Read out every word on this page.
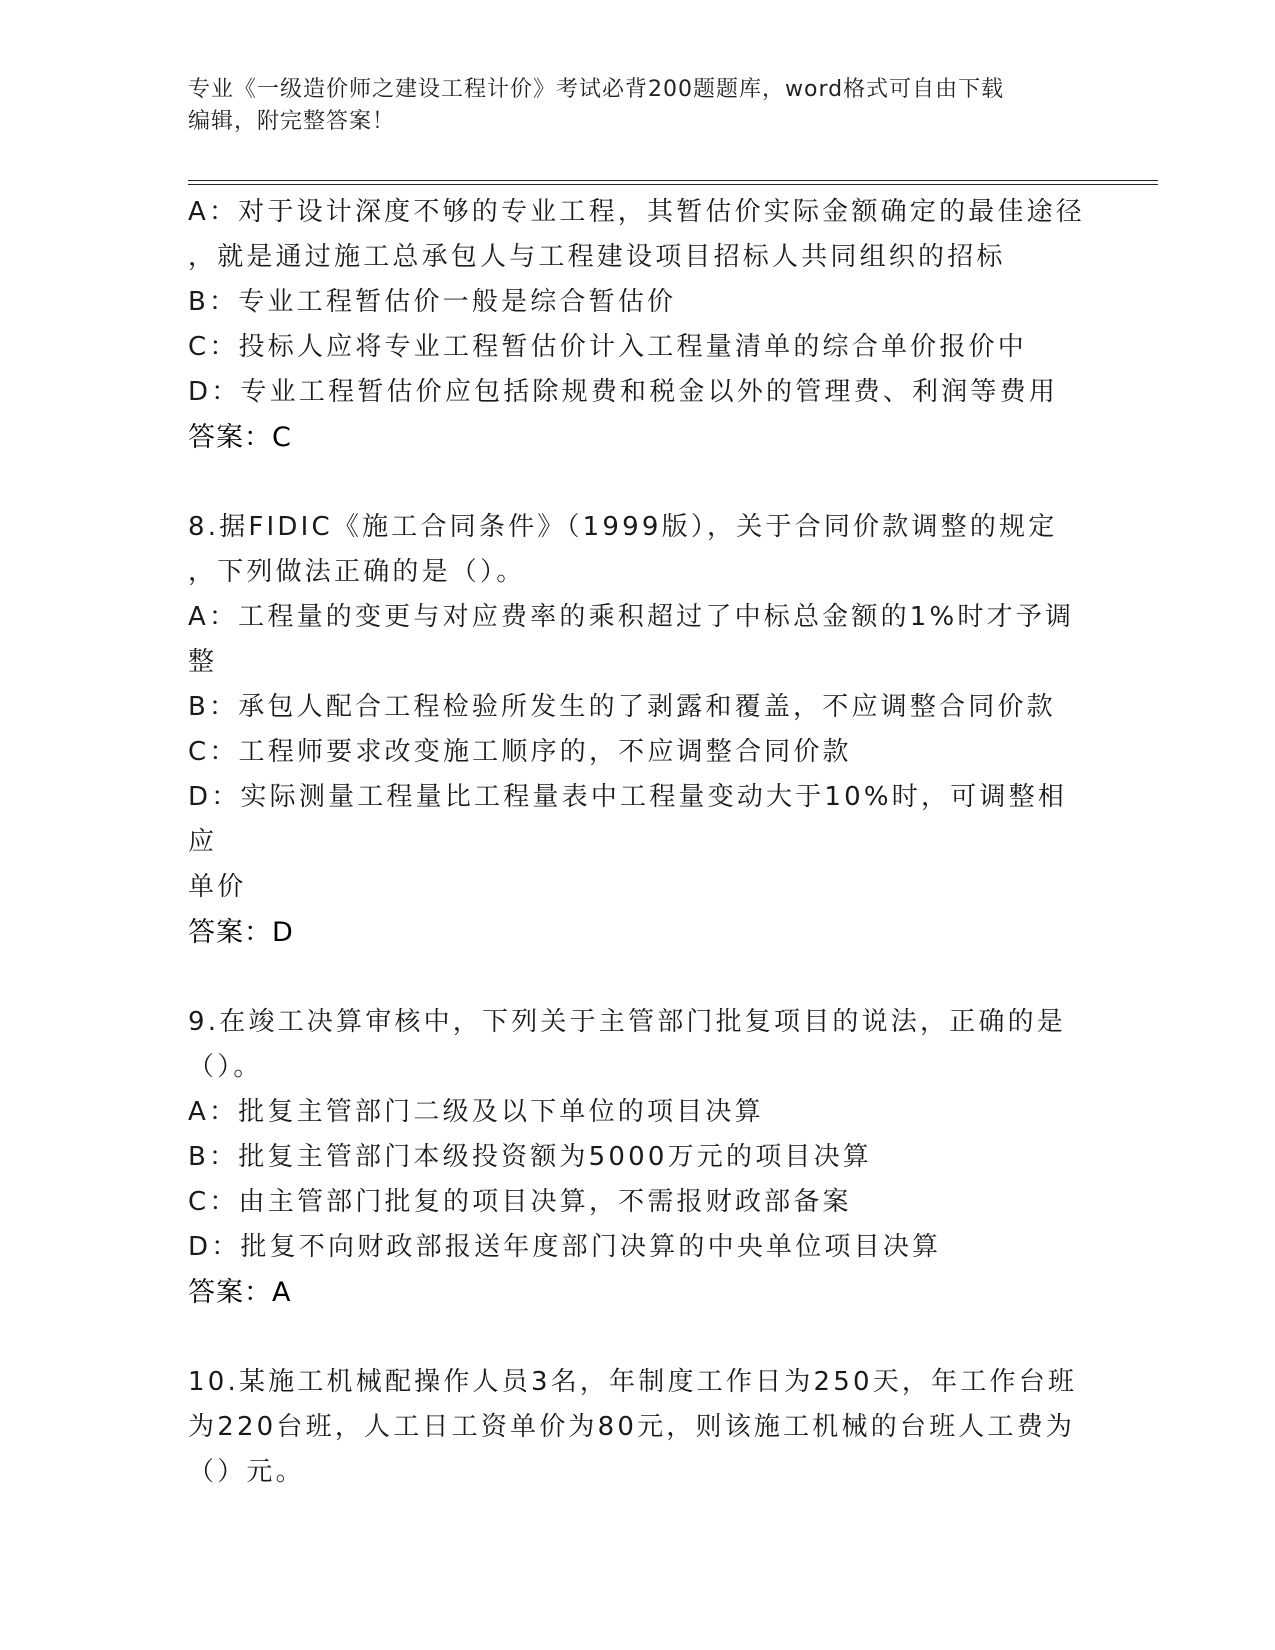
专业《一级造价师之建设工程计价》考试必背200题题库，word格式可自由下载
编辑，附完整答案！
A：对于设计深度不够的专业工程，其暂估价实际金额确定的最佳途径
，就是通过施工总承包人与工程建设项目招标人共同组织的招标
B：专业工程暂估价一般是综合暂估价
C：投标人应将专业工程暂估价计入工程量清单的综合单价报价中
D：专业工程暂估价应包括除规费和税金以外的管理费、利润等费用
答案：C
8.据FIDIC《施工合同条件》（1999版），关于合同价款调整的规定
，下列做法正确的是（）。
A：工程量的变更与对应费率的乘积超过了中标总金额的1%时才予调
整
B：承包人配合工程检验所发生的了剥露和覆盖，不应调整合同价款
C：工程师要求改变施工顺序的，不应调整合同价款
D：实际测量工程量比工程量表中工程量变动大于10%时，可调整相应
单价
答案：D
9.在竣工决算审核中，下列关于主管部门批复项目的说法，正确的是
（）。
A：批复主管部门二级及以下单位的项目决算
B：批复主管部门本级投资额为5000万元的项目决算
C：由主管部门批复的项目决算，不需报财政部备案
D：批复不向财政部报送年度部门决算的中央单位项目决算
答案：A
10.某施工机械配操作人员3名，年制度工作日为250天，年工作台班
为220台班，人工日工资单价为80元，则该施工机械的台班人工费为
（）元。
